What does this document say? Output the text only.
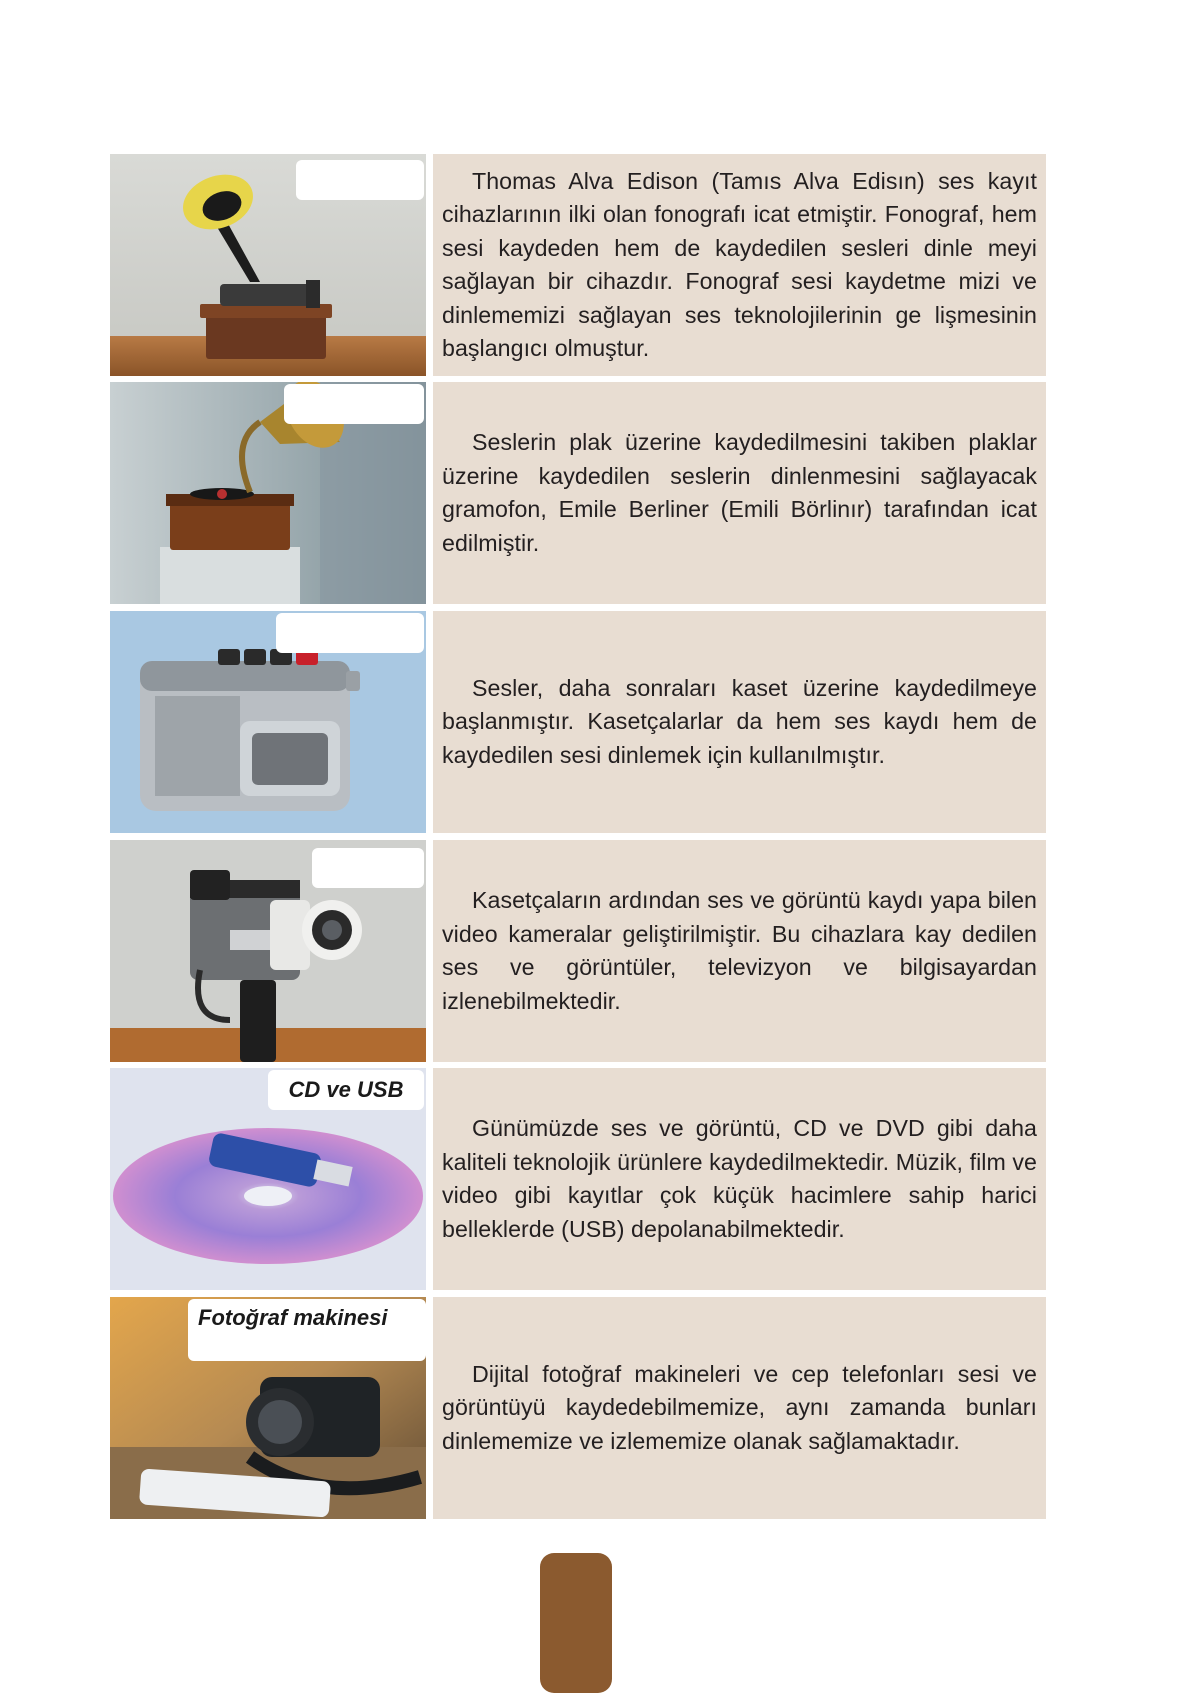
Thomas Alva Edison (Tamıs Alva Edisın) ses kayıt cihazlarının ilki olan fonografı icat etmiştir. Fonograf, hem sesi kaydeden hem de kaydedilen sesleri dinle meyi sağlayan bir cihazdır. Fonograf sesi kaydetme mizi ve dinlememizi sağlayan ses teknolojilerinin ge lişmesinin başlangıcı olmuştur.

Seslerin plak üzerine kaydedilmesini takiben plaklar üzerine kaydedilen seslerin dinlenmesini sağlayacak gramofon, Emile Berliner (Emili Börlinır) tarafından icat edilmiştir.

Sesler, daha sonraları kaset üzerine kaydedilmeye başlanmıştır. Kasetçalarlar da hem ses kaydı hem de kaydedilen sesi dinlemek için kullanılmıştır.

Kasetçaların ardından ses ve görüntü kaydı yapa bilen video kameralar geliştirilmiştir. Bu cihazlara kay dedilen ses ve görüntüler, televizyon ve bilgisayardan izlenebilmektedir.

CD ve USB

Günümüzde ses ve görüntü, CD ve DVD gibi daha kaliteli teknolojik ürünlere kaydedilmektedir. Müzik, film ve video gibi kayıtlar çok küçük hacimlere sahip harici belleklerde (USB) depolanabilmektedir.

Fotoğraf makinesi

Dijital fotoğraf makineleri ve cep telefonları sesi ve görüntüyü kaydedebilmemize, aynı zamanda bunları dinlememize ve izlememize olanak sağlamaktadır.
